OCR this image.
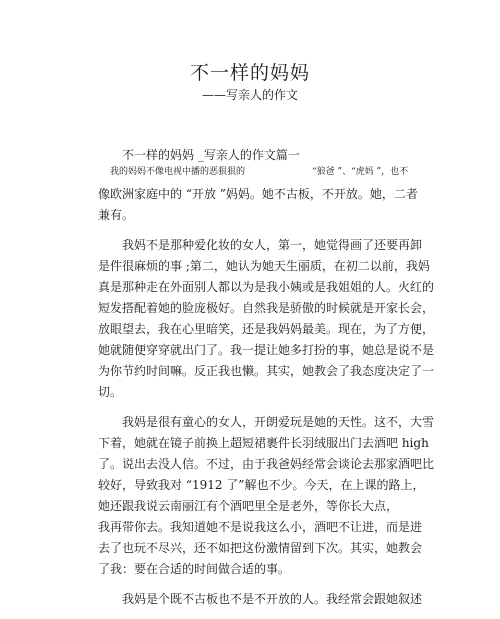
不一样的妈妈
——写亲人的作文
不一样的妈妈 _写亲人的作文篇一
我的妈妈不像电视中播的恶狠狠的	“狼爸 ”、“虎妈 ”，也不

像欧洲家庭中的 “开放 ”妈妈。她不古板，不开放。她，二者
兼有。

我妈不是那种爱化妆的女人，第一，她觉得画了还要再卸
是件很麻烦的事 ;第二，她认为她天生丽质，在初二以前，我妈
真是那种走在外面别人都以为是我小姨或是我姐姐的人。火红的
短发搭配着她的脸庞极好。自然我是骄傲的时候就是开家长会，
放眼望去，我在心里暗笑，还是我妈妈最美。现在，为了方便，
她就随便穿穿就出门了。我一提让她多打扮的事，她总是说不是
为你节约时间嘛。反正我也懒。其实，她教会了我态度决定了一
切。

我妈是很有童心的女人，开朗爱玩是她的天性。这不，大雪
下着，她就在镜子前换上超短裙裹件长羽绒服出门去酒吧 high
了。说出去没人信。不过，由于我爸妈经常会谈论去那家酒吧比
较好，导致我对 “1912 了”解也不少。今天，在上课的路上，
她还跟我说云南丽江有个酒吧里全是老外，等你长大点，
我再带你去。我知道她不是说我这么小，酒吧不让进，而是进
去了也玩不尽兴，还不如把这份激情留到下次。其实，她教会
了我：要在合适的时间做合适的事。

我妈是个既不古板也不是不开放的人。我经常会跟她叙述
